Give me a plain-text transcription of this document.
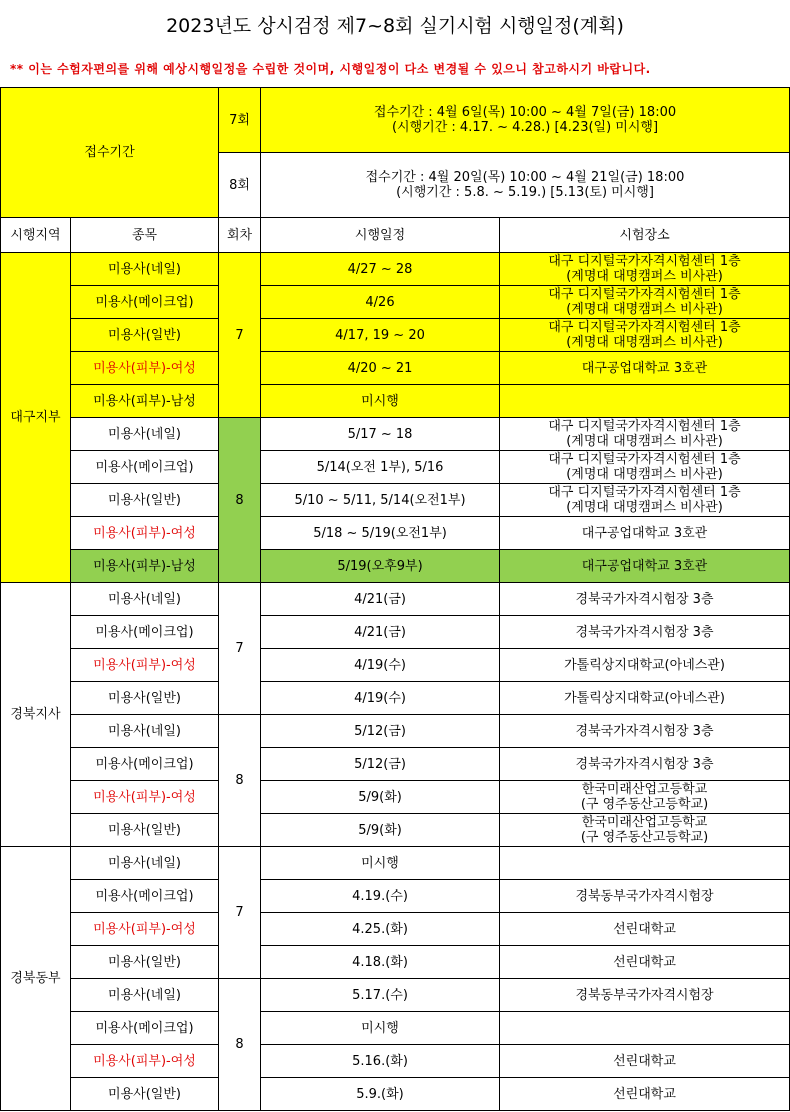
2023년도 상시검정 제7~8회 실기시험 시행일정(계획)
** 이는 수험자편의를 위해 예상시행일정을 수립한 것이며, 시행일정이 다소 변경될 수 있으니 참고하시기 바랍니다.
접수기간		7회	접수기간 : 4월 6일(목) 10:00 ~ 4월 7일(금) 18:00
(시행기간 : 4.17. ~ 4.28.) [4.23(일) 미시행]	

		8회	접수기간 : 4월 20일(목) 10:00 ~ 4월 21일(금) 18:00
(시행기간 : 5.8. ~ 5.19.) [5.13(토) 미시행]	

시행지역	종목	회차	시행일정	시험장소
대구지부	미용사(네일)	7	4/27 ~ 28	대구 디지털국가자격시험센터 1층
(계명대 대명캠퍼스 비사관)

	미용사(메이크업)		4/26	대구 디지털국가자격시험센터 1층
(계명대 대명캠퍼스 비사관)

	미용사(일반)		4/17, 19 ~ 20	대구 디지털국가자격시험센터 1층
(계명대 대명캠퍼스 비사관)

	미용사(피부)-여성		4/20 ~ 21	대구공업대학교 3호관

	미용사(피부)-남성		미시행	

	미용사(네일)	8	5/17 ~ 18	대구 디지털국가자격시험센터 1층
(계명대 대명캠퍼스 비사관)

	미용사(메이크업)		5/14(오전 1부), 5/16	대구 디지털국가자격시험센터 1층
(계명대 대명캠퍼스 비사관)

	미용사(일반)		5/10 ~ 5/11, 5/14(오전1부)	대구 디지털국가자격시험센터 1층
(계명대 대명캠퍼스 비사관)

	미용사(피부)-여성		5/18 ~ 5/19(오전1부)	대구공업대학교 3호관

	미용사(피부)-남성		5/19(오후9부)	대구공업대학교 3호관

경북지사	미용사(네일)	7	4/21(금)	경북국가자격시험장 3층

	미용사(메이크업)		4/21(금)	경북국가자격시험장 3층

	미용사(피부)-여성		4/19(수)	가톨릭상지대학교(아네스관)

	미용사(일반)		4/19(수)	가톨릭상지대학교(아네스관)

	미용사(네일)	8	5/12(금)	경북국가자격시험장 3층

	미용사(메이크업)		5/12(금)	경북국가자격시험장 3층

	미용사(피부)-여성		5/9(화)	한국미래산업고등학교
(구 영주동산고등학교)

	미용사(일반)		5/9(화)	한국미래산업고등학교
(구 영주동산고등학교)

경북동부	미용사(네일)	7	미시행	

	미용사(메이크업)		4.19.(수)	경북동부국가자격시험장

	미용사(피부)-여성		4.25.(화)	선린대학교

	미용사(일반)		4.18.(화)	선린대학교

	미용사(네일)	8	5.17.(수)	경북동부국가자격시험장

	미용사(메이크업)		미시행	

	미용사(피부)-여성		5.16.(화)	선린대학교

	미용사(일반)		5.9.(화)	선린대학교
